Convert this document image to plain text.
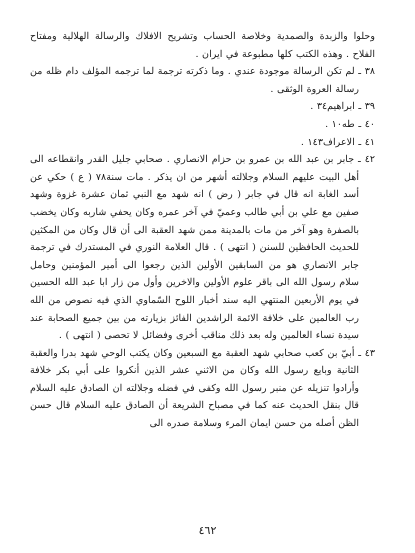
وحلوا والزبدة والصمدية وخلاصة الحساب وتشريح الافلاك والرسالة الهلالية ومفتاح الفلاح . وهذه الكتب كلها مطبوعة في ايران .

٣٨ ـ لم تكن الرسالة موجودة عندي . وما ذكرته ترجمة لما ترجمه المؤلف دام ظله من رسالة العروة الوثقى .

٣٩ ـ ابراهيم٣٤ .

٤٠ ـ طه١٠ .

٤١ ـ الاعراف١٤٣ .

٤٢ ـ جابر بن عبد الله بن عمرو بن حزام الانصاري . صحابي جليل القدر وانقطاعه الى أهل البيت عليهم السلام وجلالته أشهر من ان يذكر . مات سنة٧٨ ( ع ) حكي عن أسد الغابة انه قال في جابر ( رض ) انه شهد مع النبي ثمان عشرة غزوة وشهد صفين مع علي بن أبي طالب وعميّ في آخر عمره وكان يحفي شاربه وكان يخضب بالصفرة وهو آخر من مات بالمدينة ممن شهد العقبة الى أن قال وكان من المكثين للحديث الحافظين للسنن ( انتهى ) . قال العلامة النوري في المستدرك في ترجمة جابر الانصاري هو من السابقين الأولين الذين رجعوا الى أمير المؤمنين وحامل سلام رسول الله الى باقر علوم الأولين والاخرين وأول من زار ابا عبد الله الحسين في يوم الأربعين المنتهي اليه سند أخبار اللوح السّماوي الذي فيه نصوص من الله رب العالمين على خلافة الائمة الراشدين الفائز بزيارته من بين جميع الصحابة عند سيدة نساء العالمين وله بعد ذلك مناقب أخرى وفضائل لا تحصى ( انتهى ) .

٤٣ ـ أبيّ بن كعب صحابي شهد العقبة مع السبعين وكان يكتب الوحي شهد بدرا والعقبة الثانية وبايع رسول الله وكان من الاثني عشر الذين أنكروا على أبي بكر خلافة وأرادوا تنزيله عن منبر رسول الله وكفى في فضله وجلالته ان الصادق عليه السلام قال بنقل الحديث عنه كما في مصباح الشريعة أن الصادق عليه السلام قال حسن الظن أصله من حسن ايمان المرء وسلامة صدره الى

٤٦٢
